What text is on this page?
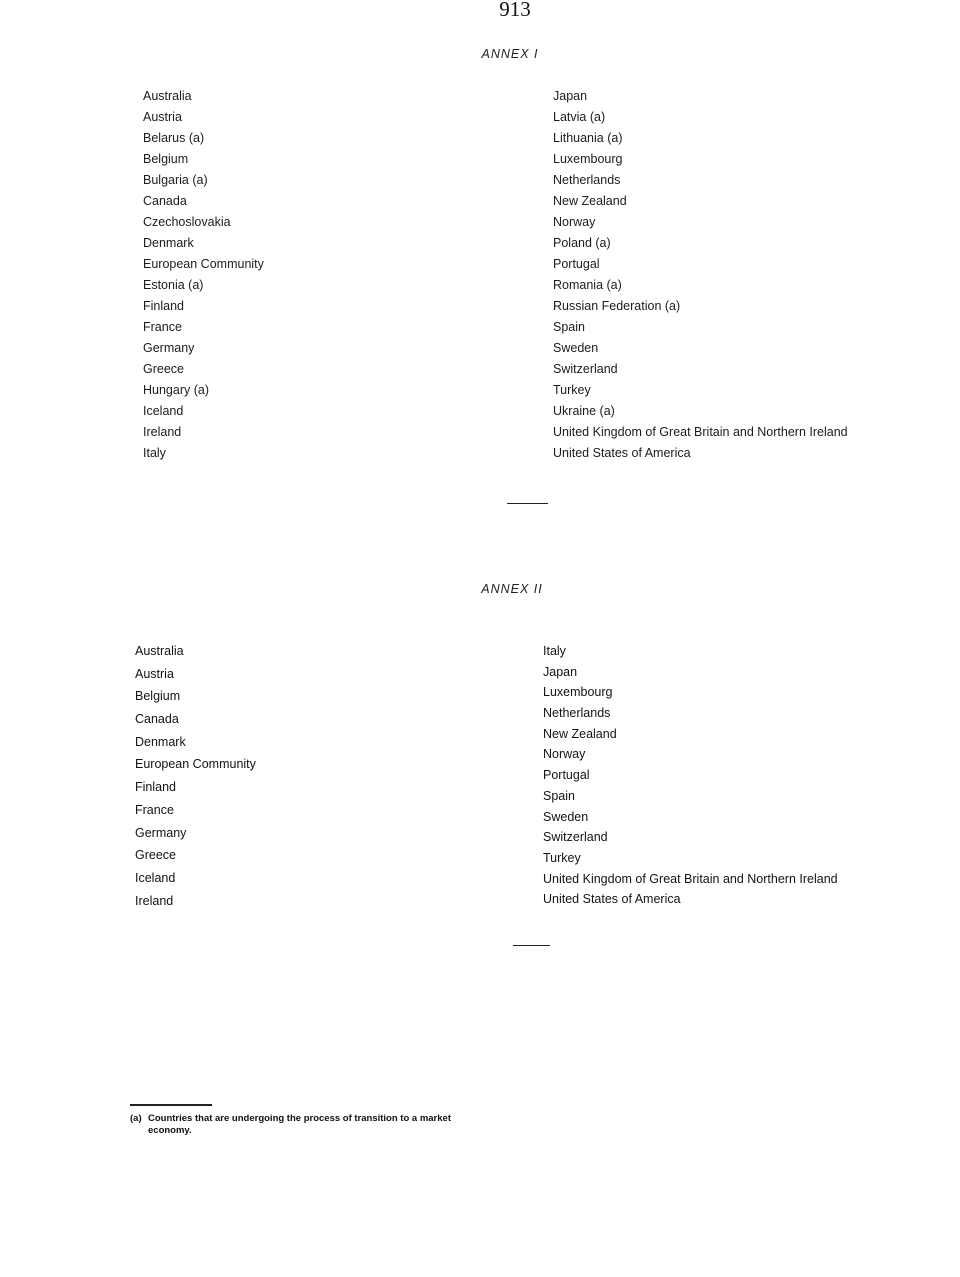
913
ANNEX I
Australia
Austria
Belarus (a)
Belgium
Bulgaria (a)
Canada
Czechoslovakia
Denmark
European Community
Estonia (a)
Finland
France
Germany
Greece
Hungary (a)
Iceland
Ireland
Italy
Japan
Latvia (a)
Lithuania (a)
Luxembourg
Netherlands
New Zealand
Norway
Poland (a)
Portugal
Romania (a)
Russian Federation (a)
Spain
Sweden
Switzerland
Turkey
Ukraine (a)
United Kingdom of Great Britain and Northern Ireland
United States of America
ANNEX II
Australia
Austria
Belgium
Canada
Denmark
European Community
Finland
France
Germany
Greece
Iceland
Ireland
Italy
Japan
Luxembourg
Netherlands
New Zealand
Norway
Portugal
Spain
Sweden
Switzerland
Turkey
United Kingdom of Great Britain and Northern Ireland
United States of America
(a) Countries that are undergoing the process of transition to a market
economy.
